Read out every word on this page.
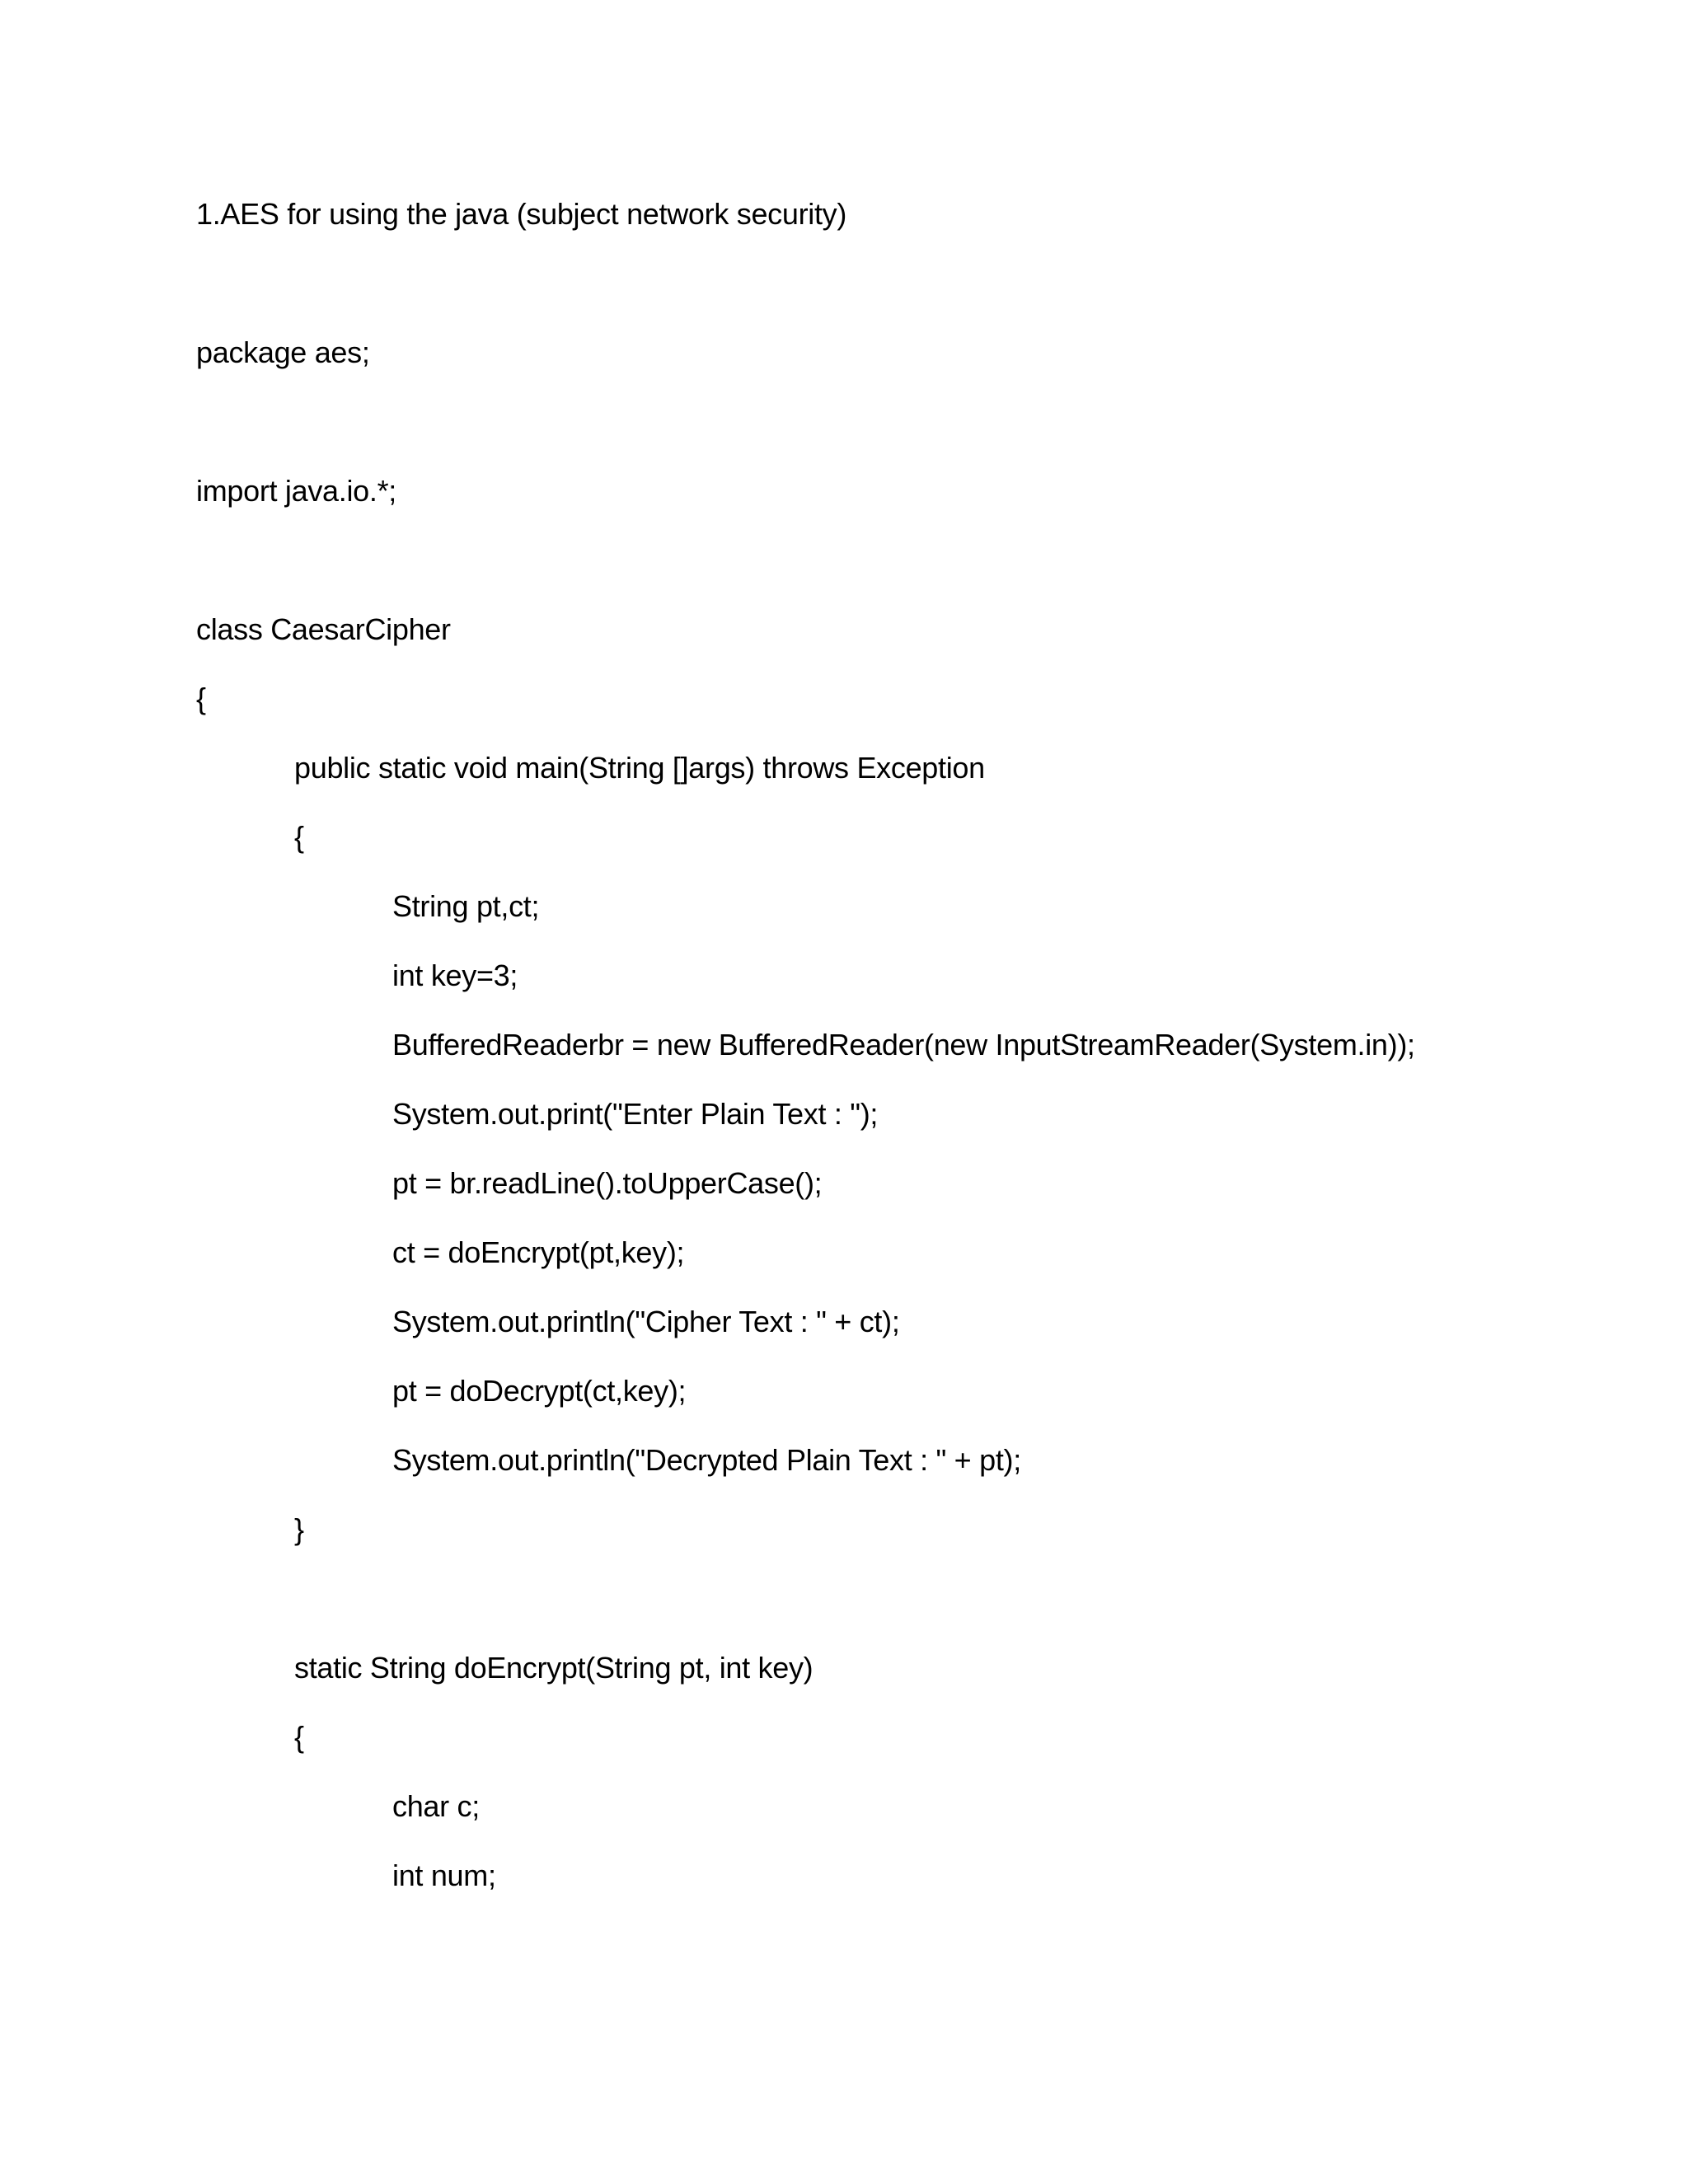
1.AES for using the java (subject network security)
package aes;
import java.io.*;
class CaesarCipher
{
public static void main(String []args) throws Exception
{
String pt,ct;
int key=3;
BufferedReaderbr = new BufferedReader(new InputStreamReader(System.in));
System.out.print("Enter Plain Text : ");
pt = br.readLine().toUpperCase();
ct = doEncrypt(pt,key);
System.out.println("Cipher Text : " + ct);
pt = doDecrypt(ct,key);
System.out.println("Decrypted Plain Text : " + pt);
}
static String doEncrypt(String pt, int key)
{
char c;
int num;
